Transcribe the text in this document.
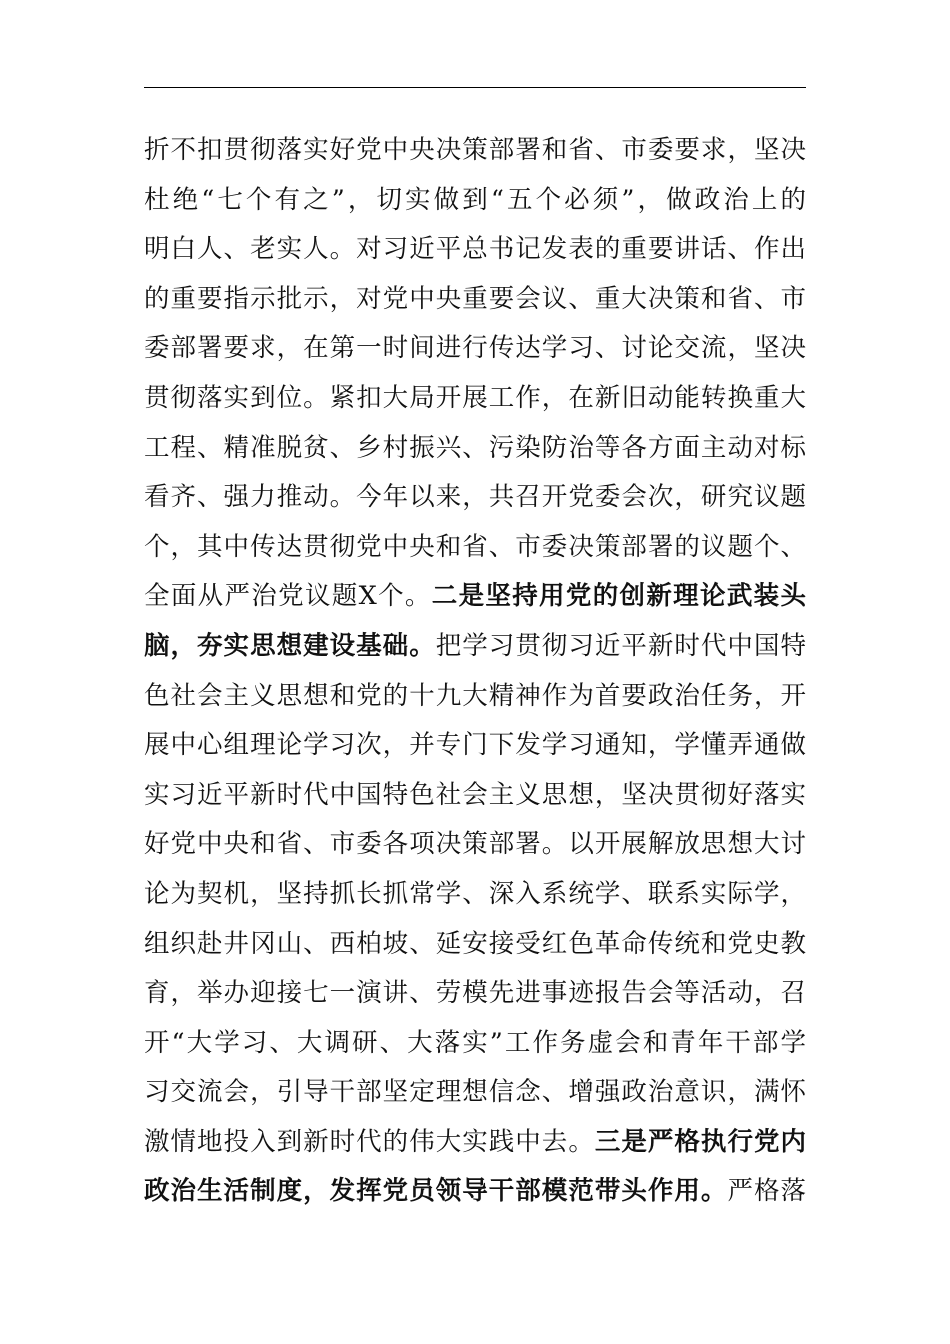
折不扣贯彻落实好党中央决策部署和省、市委要求，坚决
杜绝“七个有之”，切实做到“五个必须”，做政治上的
明白人、老实人。对习近平总书记发表的重要讲话、作出
的重要指示批示，对党中央重要会议、重大决策和省、市
委部署要求，在第一时间进行传达学习、讨论交流，坚决
贯彻落实到位。紧扣大局开展工作，在新旧动能转换重大
工程、精准脱贫、乡村振兴、污染防治等各方面主动对标
看齐、强力推动。今年以来，共召开党委会次，研究议题
个，其中传达贯彻党中央和省、市委决策部署的议题个、
全面从严治党议题X个。二是坚持用党的创新理论武装头
脑，夯实思想建设基础。把学习贯彻习近平新时代中国特
色社会主义思想和党的十九大精神作为首要政治任务，开
展中心组理论学习次，并专门下发学习通知，学懂弄通做
实习近平新时代中国特色社会主义思想，坚决贯彻好落实
好党中央和省、市委各项决策部署。以开展解放思想大讨
论为契机，坚持抓长抓常学、深入系统学、联系实际学，
组织赴井冈山、西柏坡、延安接受红色革命传统和党史教
育，举办迎接七一演讲、劳模先进事迹报告会等活动，召
开“大学习、大调研、大落实”工作务虚会和青年干部学
习交流会，引导干部坚定理想信念、增强政治意识，满怀
激情地投入到新时代的伟大实践中去。三是严格执行党内
政治生活制度，发挥党员领导干部模范带头作用。严格落
